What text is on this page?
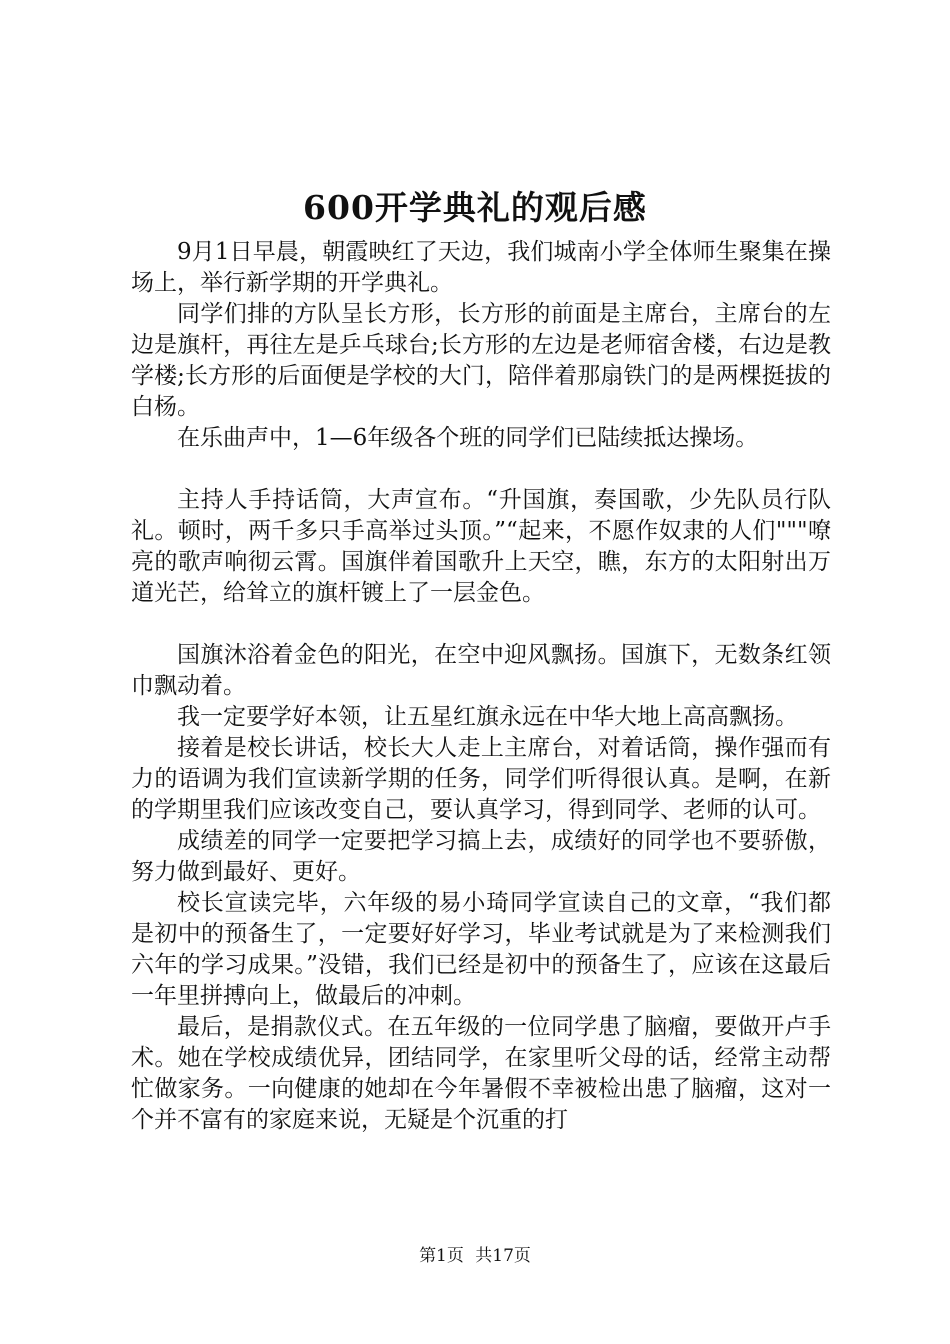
600开学典礼的观后感

9月1日早晨，朝霞映红了天边，我们城南小学全体师生聚集在操场上，举行新学期的开学典礼。

同学们排的方队呈长方形，长方形的前面是主席台，主席台的左边是旗杆，再往左是乒乓球台;长方形的左边是老师宿舍楼，右边是教学楼;长方形的后面便是学校的大门，陪伴着那扇铁门的是两棵挺拔的白杨。

在乐曲声中，1—6年级各个班的同学们已陆续抵达操场。

主持人手持话筒，大声宣布。“升国旗，奏国歌，少先队员行队礼。顿时，两千多只手高举过头顶。”“起来，不愿作奴隶的人们"""嘹亮的歌声响彻云霄。国旗伴着国歌升上天空，瞧，东方的太阳射出万道光芒，给耸立的旗杆镀上了一层金色。

国旗沐浴着金色的阳光，在空中迎风飘扬。国旗下，无数条红领巾飘动着。

我一定要学好本领，让五星红旗永远在中华大地上高高飘扬。

接着是校长讲话，校长大人走上主席台，对着话筒，操作强而有力的语调为我们宣读新学期的任务，同学们听得很认真。是啊，在新的学期里我们应该改变自己，要认真学习，得到同学、老师的认可。

成绩差的同学一定要把学习搞上去，成绩好的同学也不要骄傲，努力做到最好、更好。

校长宣读完毕，六年级的易小琦同学宣读自己的文章，“我们都是初中的预备生了，一定要好好学习，毕业考试就是为了来检测我们六年的学习成果。”没错，我们已经是初中的预备生了，应该在这最后一年里拼搏向上，做最后的冲刺。

最后，是捐款仪式。在五年级的一位同学患了脑瘤，要做开卢手术。她在学校成绩优异，团结同学，在家里听父母的话，经常主动帮忙做家务。一向健康的她却在今年暑假不幸被检出患了脑瘤，这对一个并不富有的家庭来说，无疑是个沉重的打

第1页 共17页
